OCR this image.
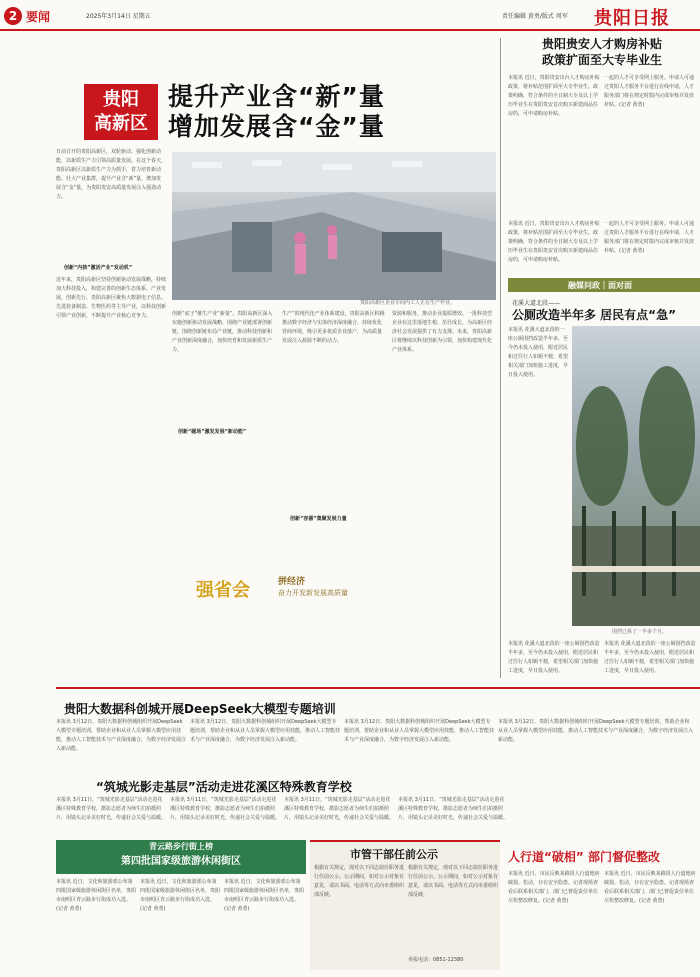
2 要闻	2025年3月14日 星期五	责任编辑 黄勇/版式 周军 贵阳日报
贵阳
高新区
提升产业含“新”量
增加发展含“金”量
日前召开的贵阳高新区，双轮驱动、强化创新动能，以新质生产力引领高质量发展。在这个春天，贵阳高新区以新质生产力为抓手，着力培育新动能、壮大产业集群，提升产业含“新”量，增加发展含“金”量，为贵阳贵安高质量发展注入强劲动力。
创新“内核”激活产业“发动机”
近年来，贵阳高新区坚持创新驱动发展战略，持续加大科技投入，构建完善的创新生态体系。产业发展，创新先行。贵阳高新区聚焦大数据电子信息、先进装备制造、生物医药等主导产业，以科技创新引领产业创新，不断提升产业核心竞争力。
贵阳高新区企业车间内工人正在生产作业。
创新“底子”催生产业“新量”。贵阳高新区深入实施创新驱动发展战略，围绕产业链部署创新链，围绕创新链布局产业链，推动科技创新和产业创新深度融合，加快培育和发展新质生产力。
创新“磁场”激发发展“新动能”
生产“的现代化产业体系建设，贵阳高新区积极推动数字经济与实体经济深度融合，持续优化营商环境，吸引更多优质企业落户，为高质量发展注入源源不断的动力。
创新“容器”集聚发展力量
资源和服务，推动企业提质增效。一批科技型企业在这里落地生根、茁壮成长，为高新区经济社会发展提供了有力支撑。未来，贵阳高新区将继续以科技创新为引领，加快构建现代化产业体系。
强省会	拼经济
奋力开发新发展高质量
贵阳贵安人才购房补贴
政策扩面至大专毕业生
本报讯 近日，贵阳贵安出台人才购房补贴政策，将补贴范围扩面至大专毕业生。政策明确，符合条件的全日制大专及以上学历毕业生在贵阳贵安首次购买新建商品住房的，可申请购房补贴。
一起的人才可享受网上服务。申请人可通过贵阳人才服务平台进行在线申请，人才服务部门将在规定时限内完成审核并发放补贴。(记者 黄勇)
本报讯 近日，贵阳贵安出台人才购房补贴政策，将补贴范围扩面至大专毕业生。政策明确，符合条件的全日制大专及以上学历毕业生在贵阳贵安首次购买新建商品住房的，可申请购房补贴。
一起的人才可享受网上服务。申请人可通过贵阳人才服务平台进行在线申请，人才服务部门将在规定时限内完成审核并发放补贴。(记者 黄勇)
融媒问政｜面对面
花溪大道北段——
公厕改造半年多 居民有点“急”
本报讯 花溪大道北段的一座公厕围挡改造半年多，至今仍未投入使用，附近居民和过往行人如厕不便，希望相关部门加快施工进度，早日投入使用。
围挡已拆了一半多个月。
本报讯 花溪大道北段的一座公厕围挡改造半年多，至今仍未投入使用，附近居民和过往行人如厕不便，希望相关部门加快施工进度，早日投入使用。
本报讯 花溪大道北段的一座公厕围挡改造半年多，至今仍未投入使用，附近居民和过往行人如厕不便，希望相关部门加快施工进度，早日投入使用。
贵阳大数据科创城开展DeepSeek大模型专题培训
本报讯 3月12日，贵阳大数据科创城组织开展DeepSeek大模型专题培训，帮助企业和从业人员掌握大模型应用技能，推动人工智能技术与产业深度融合，为数字经济发展注入新动能。
本报讯 3月12日，贵阳大数据科创城组织开展DeepSeek大模型专题培训，帮助企业和从业人员掌握大模型应用技能，推动人工智能技术与产业深度融合，为数字经济发展注入新动能。
本报讯 3月12日，贵阳大数据科创城组织开展DeepSeek大模型专题培训，帮助企业和从业人员掌握大模型应用技能，推动人工智能技术与产业深度融合，为数字经济发展注入新动能。
本报讯 3月12日，贵阳大数据科创城组织开展DeepSeek大模型专题培训，帮助企业和从业人员掌握大模型应用技能，推动人工智能技术与产业深度融合，为数字经济发展注入新动能。
“筑城光影走基层”活动走进花溪区特殊教育学校
本报讯 3月11日，“筑城光影走基层”活动走进花溪区特殊教育学校，摄影志愿者为师生们拍摄照片，用镜头记录美好时光，传递社会关爱与温暖。
本报讯 3月11日，“筑城光影走基层”活动走进花溪区特殊教育学校，摄影志愿者为师生们拍摄照片，用镜头记录美好时光，传递社会关爱与温暖。
本报讯 3月11日，“筑城光影走基层”活动走进花溪区特殊教育学校，摄影志愿者为师生们拍摄照片，用镜头记录美好时光，传递社会关爱与温暖。
本报讯 3月11日，“筑城光影走基层”活动走进花溪区特殊教育学校，摄影志愿者为师生们拍摄照片，用镜头记录美好时光，传递社会关爱与温暖。
青云路步行街上榜
第四批国家级旅游休闲街区
本报讯 近日，文化和旅游部公布第四批国家级旅游休闲街区名单，贵阳市南明区青云路步行街成功入选。(记者 黄勇)
本报讯 近日，文化和旅游部公布第四批国家级旅游休闲街区名单，贵阳市南明区青云路步行街成功入选。(记者 黄勇)
本报讯 近日，文化和旅游部公布第四批国家级旅游休闲街区名单，贵阳市南明区青云路步行街成功入选。(记者 黄勇)
市管干部任前公示
根据有关规定，现对以下同志拟任职务进行任前公示。公示期间，如对公示对象有意见，请以书面、电话等方式向市委组织部反映。
根据有关规定，现对以下同志拟任职务进行任前公示。公示期间，如对公示对象有意见，请以书面、电话等方式向市委组织部反映。
举报电话：0851-12380
人行道“破相” 部门督促整改
本报讯 近日，市民反映某路段人行道地砖破损、松动，存在安全隐患。记者现场查看后联系相关部门，部门已督促责任单位尽快整改修复。(记者 黄勇)
本报讯 近日，市民反映某路段人行道地砖破损、松动，存在安全隐患。记者现场查看后联系相关部门，部门已督促责任单位尽快整改修复。(记者 黄勇)
